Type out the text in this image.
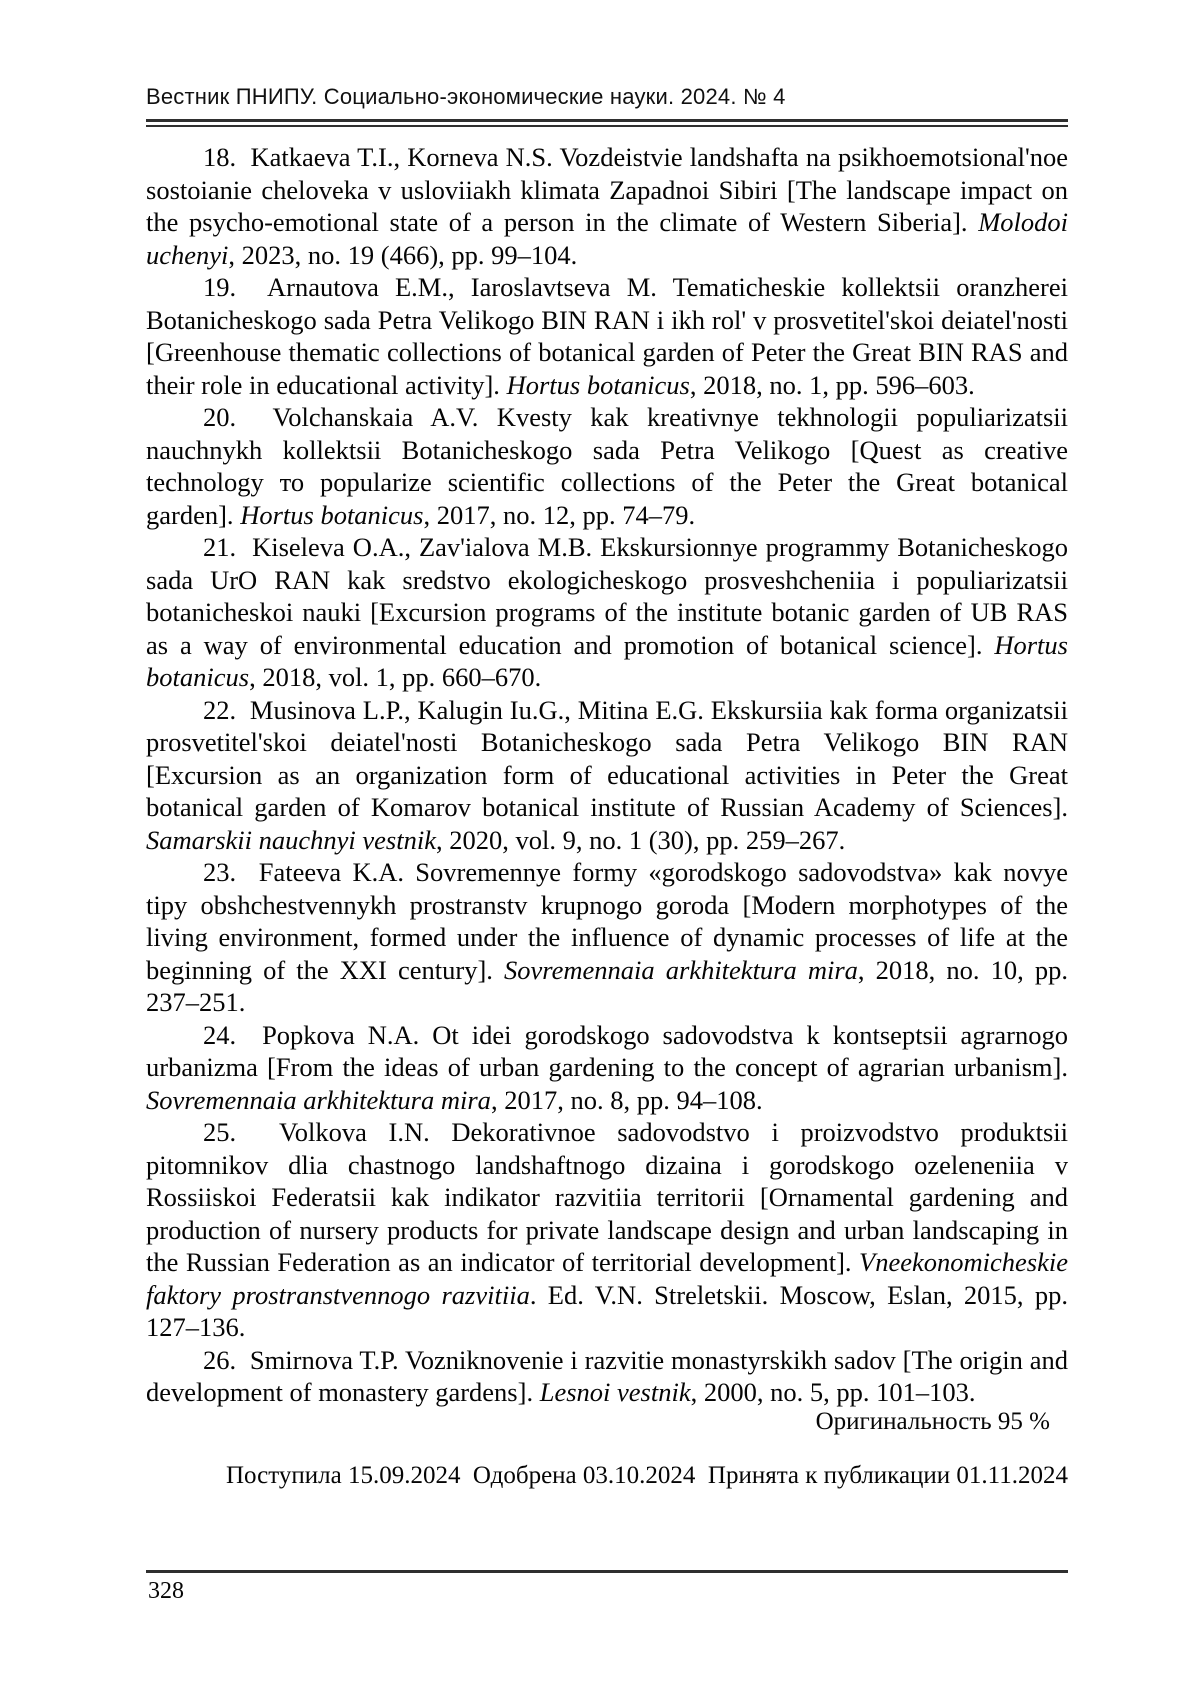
Вестник ПНИПУ. Социально-экономические науки. 2024. № 4

18. Katkaeva T.I., Korneva N.S. Vozdeistvie landshafta na psikhoemotsional'noe sostoianie cheloveka v usloviiakh klimata Zapadnoi Sibiri [The landscape impact on the psycho-emotional state of a person in the climate of Western Siberia]. Molodoi uchenyi, 2023, no. 19 (466), pp. 99–104.

19. Arnautova E.M., Iaroslavtseva M. Tematicheskie kollektsii oranzherei Botanicheskogo sada Petra Velikogo BIN RAN i ikh rol' v prosvetitel'skoi deiatel'nosti [Greenhouse thematic collections of botanical garden of Peter the Great BIN RAS and their role in educational activity]. Hortus botanicus, 2018, no. 1, pp. 596–603.

20. Volchanskaia A.V. Kvesty kak kreativnye tekhnologii populiarizatsii nauchnykh kollektsii Botanicheskogo sada Petra Velikogo [Quest as creative technology то popularize scientific collections of the Peter the Great botanical garden]. Hortus botanicus, 2017, no. 12, pp. 74–79.

21. Kiseleva O.A., Zav'ialova M.B. Ekskursionnye programmy Botanicheskogo sada UrO RAN kak sredstvo ekologicheskogo prosveshcheniia i populiarizatsii botanicheskoi nauki [Excursion programs of the institute botanic garden of UB RAS as a way of environmental education and promotion of botanical science]. Hortus botanicus, 2018, vol. 1, pp. 660–670.

22. Musinova L.P., Kalugin Iu.G., Mitina E.G. Ekskursiia kak forma organizatsii prosvetitel'skoi deiatel'nosti Botanicheskogo sada Petra Velikogo BIN RAN [Excursion as an organization form of educational activities in Peter the Great botanical garden of Komarov botanical institute of Russian Academy of Sciences]. Samarskii nauchnyi vestnik, 2020, vol. 9, no. 1 (30), pp. 259–267.

23. Fateeva K.A. Sovremennye formy «gorodskogo sadovodstva» kak novye tipy obshchestvennykh prostranstv krupnogo goroda [Modern morphotypes of the living environment, formed under the influence of dynamic processes of life at the beginning of the XXI century]. Sovremennaia arkhitektura mira, 2018, no. 10, pp. 237–251.

24. Popkova N.A. Ot idei gorodskogo sadovodstva k kontseptsii agrarnogo urbanizma [From the ideas of urban gardening to the concept of agrarian urbanism]. Sovremennaia arkhitektura mira, 2017, no. 8, pp. 94–108.

25. Volkova I.N. Dekorativnoe sadovodstvo i proizvodstvo produktsii pitomnikov dlia chastnogo landshaftnogo dizaina i gorodskogo ozeleneniia v Rossiiskoi Federatsii kak indikator razvitiia territorii [Ornamental gardening and production of nursery products for private landscape design and urban landscaping in the Russian Federation as an indicator of territorial development]. Vneekonomicheskie faktory prostranstvennogo razvitiia. Ed. V.N. Streletskii. Moscow, Eslan, 2015, pp. 127–136.

26. Smirnova T.P. Vozniknovenie i razvitie monastyrskikh sadov [The origin and development of monastery gardens]. Lesnoi vestnik, 2000, no. 5, pp. 101–103.

Оригинальность 95 %
Поступила 15.09.2024 Одобрена 03.10.2024 Принята к публикации 01.11.2024
328
